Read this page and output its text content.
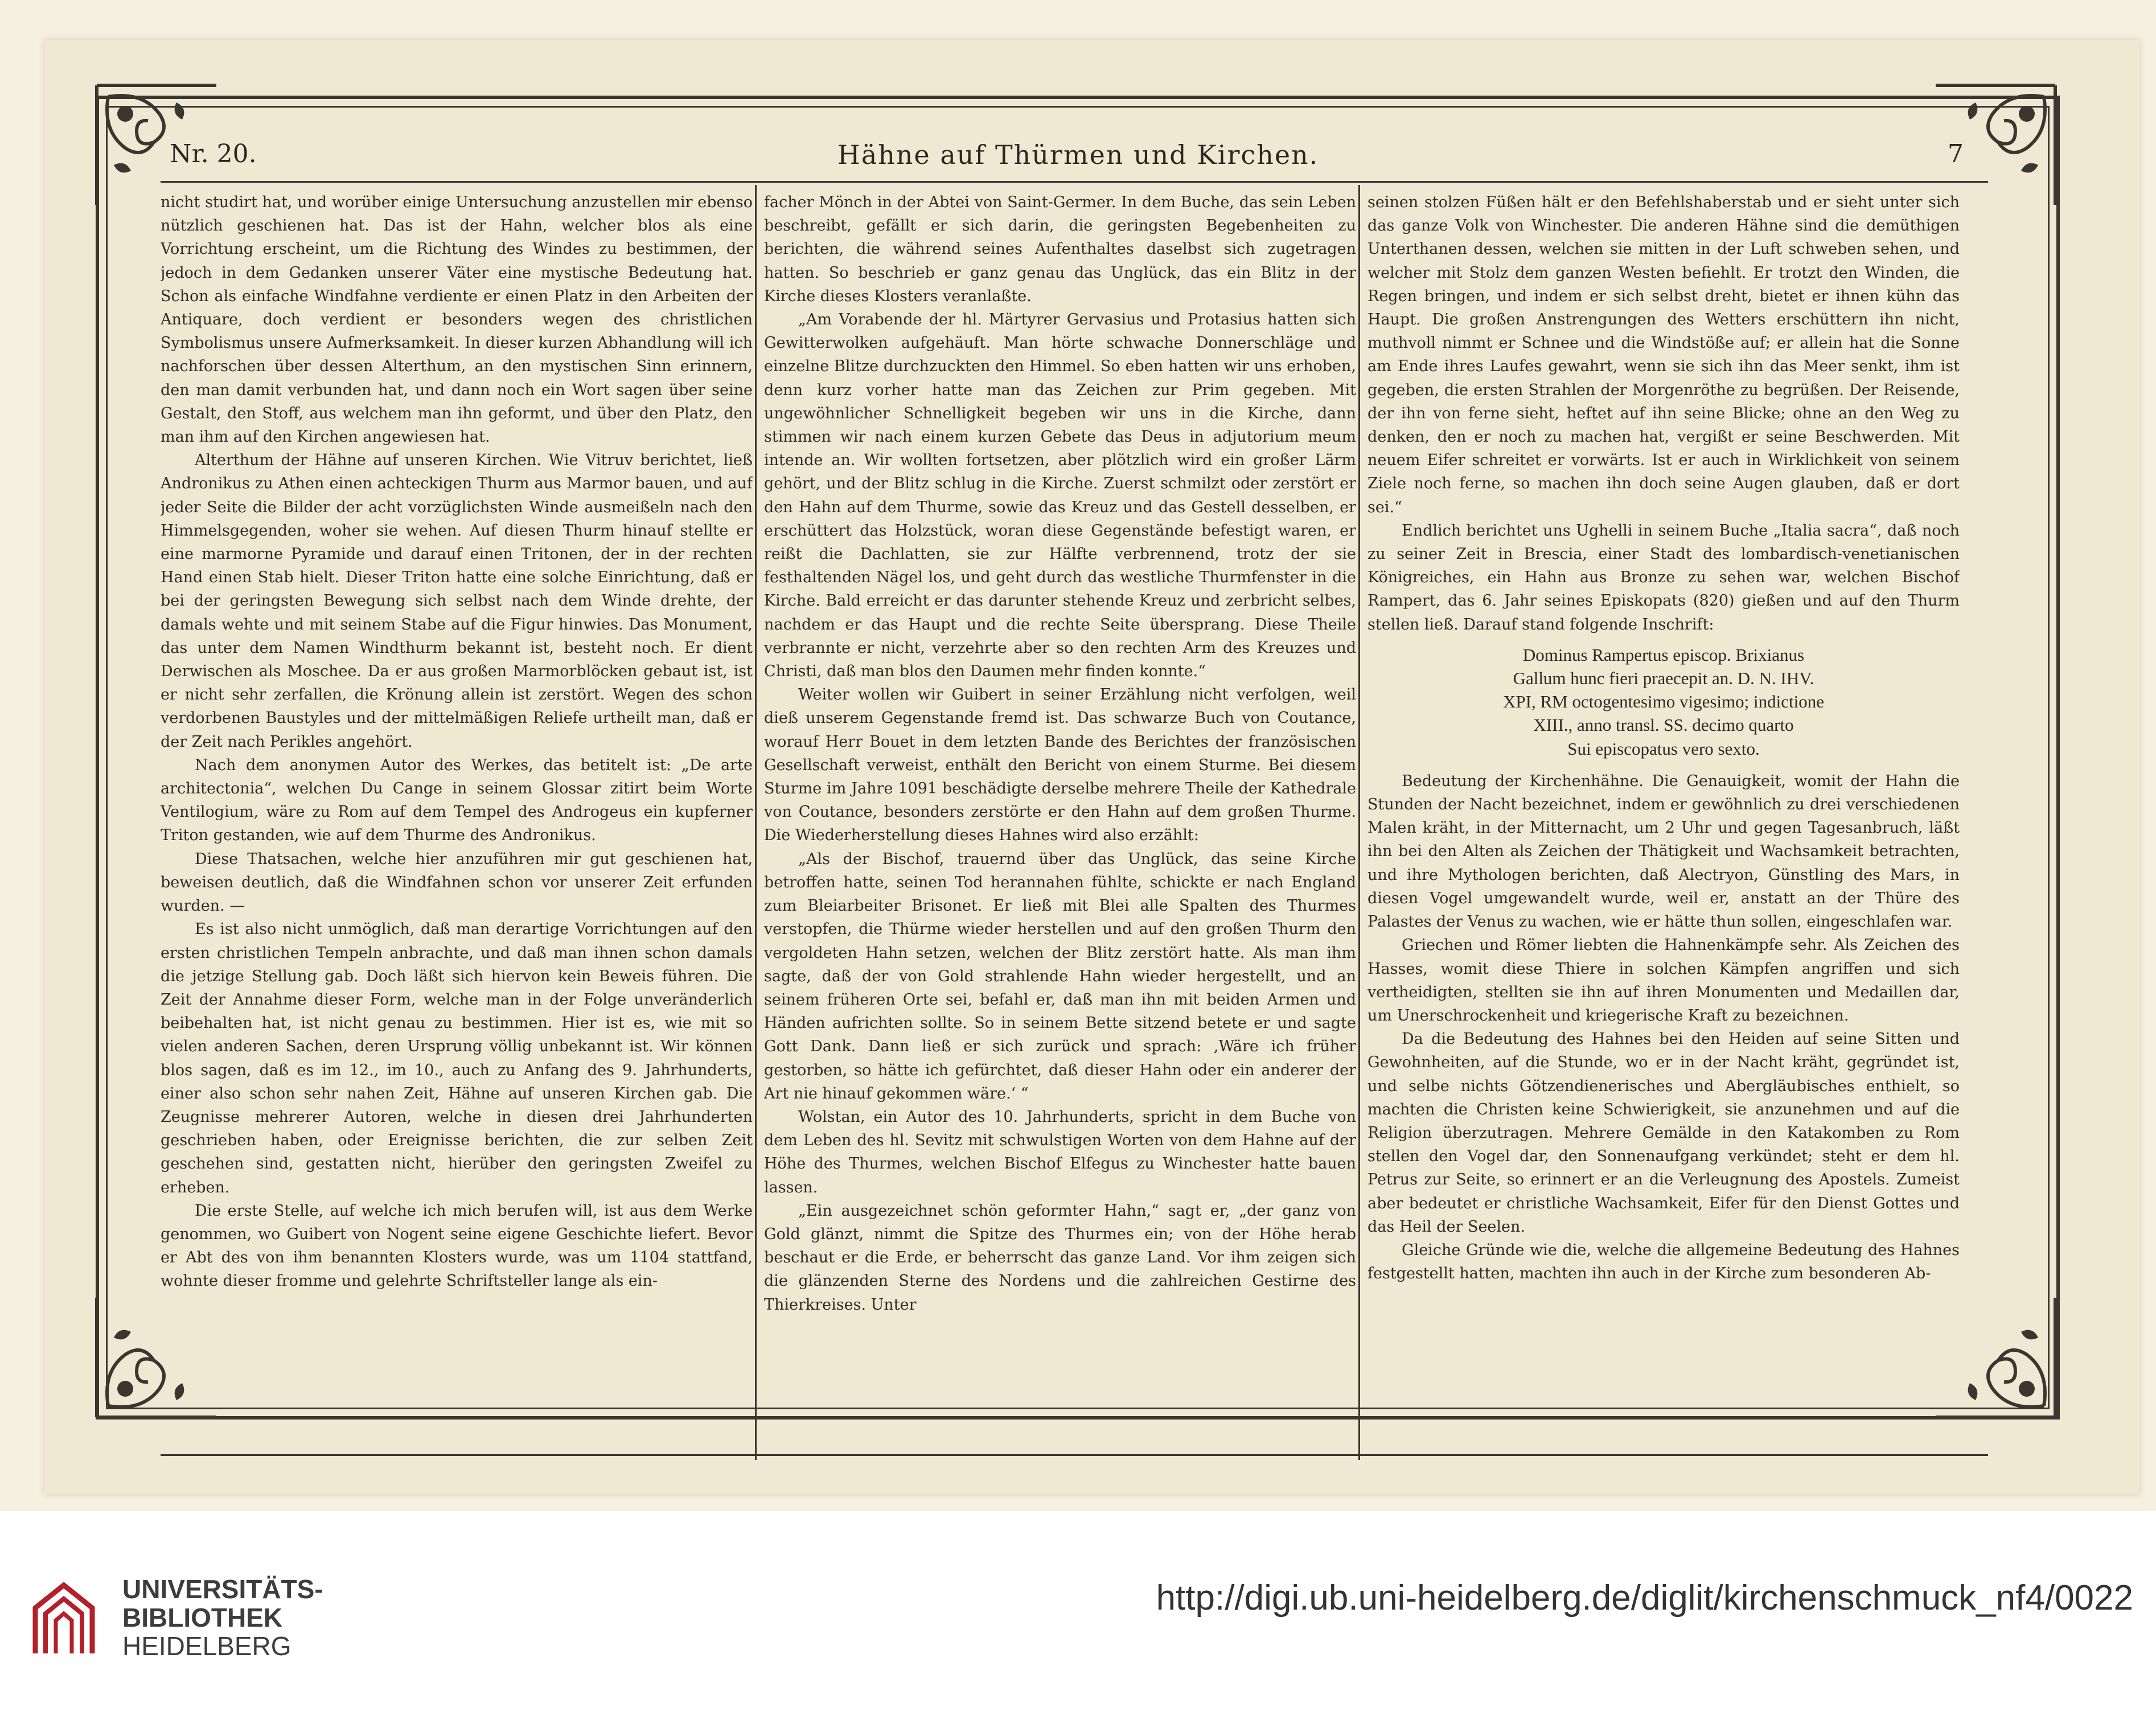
Hähne auf Thürmen und Kirchen.
Nr. 20.	7

nicht studirt hat, und worüber einige Untersuchung anzustellen mir ebenso nützlich geschienen hat. Das ist der Hahn, welcher blos als eine Vorrichtung erscheint, um die Richtung des Windes zu bestimmen, der jedoch in dem Gedanken unserer Väter eine mystische Bedeutung hat. Schon als einfache Windfahne verdiente er einen Platz in den Arbeiten der Antiquare, doch verdient er besonders wegen des christlichen Symbolismus unsere Aufmerksamkeit. In dieser kurzen Abhandlung will ich nachforschen über dessen Alterthum, an den mystischen Sinn erinnern, den man damit verbunden hat, und dann noch ein Wort sagen über seine Gestalt, den Stoff, aus welchem man ihn geformt, und über den Platz, den man ihm auf den Kirchen angewiesen hat.

Alterthum der Hähne auf unseren Kirchen. Wie Vitruv berichtet, ließ Andronikus zu Athen einen achteckigen Thurm aus Marmor bauen, und auf jeder Seite die Bilder der acht vorzüglichsten Winde ausmeißeln nach den Himmelsgegenden, woher sie wehen. Auf diesen Thurm hinauf stellte er eine marmorne Pyramide und darauf einen Tritonen, der in der rechten Hand einen Stab hielt. Dieser Triton hatte eine solche Einrichtung, daß er bei der geringsten Bewegung sich selbst nach dem Winde drehte, der damals wehte und mit seinem Stabe auf die Figur hinwies. Das Monument, das unter dem Namen Windthurm bekannt ist, besteht noch. Er dient Derwischen als Moschee. Da er aus großen Marmorblöcken gebaut ist, ist er nicht sehr zerfallen, die Krönung allein ist zerstört. Wegen des schon verdorbenen Baustyles und der mittelmäßigen Reliefe urtheilt man, daß er der Zeit nach Perikles angehört.

Nach dem anonymen Autor des Werkes, das betitelt ist: „De arte architectonia“, welchen Du Cange in seinem Glossar zitirt beim Worte Ventilogium, wäre zu Rom auf dem Tempel des Androgeus ein kupferner Triton gestanden, wie auf dem Thurme des Andronikus.

Diese Thatsachen, welche hier anzuführen mir gut geschienen hat, beweisen deutlich, daß die Windfahnen schon vor unserer Zeit erfunden wurden. —

Es ist also nicht unmöglich, daß man derartige Vorrichtungen auf den ersten christlichen Tempeln anbrachte, und daß man ihnen schon damals die jetzige Stellung gab. Doch läßt sich hiervon kein Beweis führen. Die Zeit der Annahme dieser Form, welche man in der Folge unveränderlich beibehalten hat, ist nicht genau zu bestimmen. Hier ist es, wie mit so vielen anderen Sachen, deren Ursprung völlig unbekannt ist. Wir können blos sagen, daß es im 12., im 10., auch zu Anfang des 9. Jahrhunderts, einer also schon sehr nahen Zeit, Hähne auf unseren Kirchen gab. Die Zeugnisse mehrerer Autoren, welche in diesen drei Jahrhunderten geschrieben haben, oder Ereignisse berichten, die zur selben Zeit geschehen sind, gestatten nicht, hierüber den geringsten Zweifel zu erheben.

Die erste Stelle, auf welche ich mich berufen will, ist aus dem Werke genommen, wo Guibert von Nogent seine eigene Geschichte liefert. Bevor er Abt des von ihm benannten Klosters wurde, was um 1104 stattfand, wohnte dieser fromme und gelehrte Schriftsteller lange als ein-

facher Mönch in der Abtei von Saint-Germer. In dem Buche, das sein Leben beschreibt, gefällt er sich darin, die geringsten Begebenheiten zu berichten, die während seines Aufenthaltes daselbst sich zugetragen hatten. So beschrieb er ganz genau das Unglück, das ein Blitz in der Kirche dieses Klosters veranlaßte.

„Am Vorabende der hl. Märtyrer Gervasius und Protasius hatten sich Gewitterwolken aufgehäuft. Man hörte schwache Donnerschläge und einzelne Blitze durchzuckten den Himmel. So eben hatten wir uns erhoben, denn kurz vorher hatte man das Zeichen zur Prim gegeben. Mit ungewöhnlicher Schnelligkeit begeben wir uns in die Kirche, dann stimmen wir nach einem kurzen Gebete das Deus in adjutorium meum intende an. Wir wollten fortsetzen, aber plötzlich wird ein großer Lärm gehört, und der Blitz schlug in die Kirche. Zuerst schmilzt oder zerstört er den Hahn auf dem Thurme, sowie das Kreuz und das Gestell desselben, er erschüttert das Holzstück, woran diese Gegenstände befestigt waren, er reißt die Dachlatten, sie zur Hälfte verbrennend, trotz der sie festhaltenden Nägel los, und geht durch das westliche Thurmfenster in die Kirche. Bald erreicht er das darunter stehende Kreuz und zerbricht selbes, nachdem er das Haupt und die rechte Seite übersprang. Diese Theile verbrannte er nicht, verzehrte aber so den rechten Arm des Kreuzes und Christi, daß man blos den Daumen mehr finden konnte.“

Weiter wollen wir Guibert in seiner Erzählung nicht verfolgen, weil dieß unserem Gegenstande fremd ist. Das schwarze Buch von Coutance, worauf Herr Bouet in dem letzten Bande des Berichtes der französischen Gesellschaft verweist, enthält den Bericht von einem Sturme. Bei diesem Sturme im Jahre 1091 beschädigte derselbe mehrere Theile der Kathedrale von Coutance, besonders zerstörte er den Hahn auf dem großen Thurme. Die Wiederherstellung dieses Hahnes wird also erzählt:

„Als der Bischof, trauernd über das Unglück, das seine Kirche betroffen hatte, seinen Tod herannahen fühlte, schickte er nach England zum Bleiarbeiter Brisonet. Er ließ mit Blei alle Spalten des Thurmes verstopfen, die Thürme wieder herstellen und auf den großen Thurm den vergoldeten Hahn setzen, welchen der Blitz zerstört hatte. Als man ihm sagte, daß der von Gold strahlende Hahn wieder hergestellt, und an seinem früheren Orte sei, befahl er, daß man ihn mit beiden Armen und Händen aufrichten sollte. So in seinem Bette sitzend betete er und sagte Gott Dank. Dann ließ er sich zurück und sprach: ,Wäre ich früher gestorben, so hätte ich gefürchtet, daß dieser Hahn oder ein anderer der Art nie hinauf gekommen wäre.‘ “

Wolstan, ein Autor des 10. Jahrhunderts, spricht in dem Buche von dem Leben des hl. Sevitz mit schwulstigen Worten von dem Hahne auf der Höhe des Thurmes, welchen Bischof Elfegus zu Winchester hatte bauen lassen.

„Ein ausgezeichnet schön geformter Hahn,“ sagt er, „der ganz von Gold glänzt, nimmt die Spitze des Thurmes ein; von der Höhe herab beschaut er die Erde, er beherrscht das ganze Land. Vor ihm zeigen sich die glänzenden Sterne des Nordens und die zahlreichen Gestirne des Thierkreises. Unter

seinen stolzen Füßen hält er den Befehlshaberstab und er sieht unter sich das ganze Volk von Winchester. Die anderen Hähne sind die demüthigen Unterthanen dessen, welchen sie mitten in der Luft schweben sehen, und welcher mit Stolz dem ganzen Westen befiehlt. Er trotzt den Winden, die Regen bringen, und indem er sich selbst dreht, bietet er ihnen kühn das Haupt. Die großen Anstrengungen des Wetters erschüttern ihn nicht, muthvoll nimmt er Schnee und die Windstöße auf; er allein hat die Sonne am Ende ihres Laufes gewahrt, wenn sie sich ihn das Meer senkt, ihm ist gegeben, die ersten Strahlen der Morgenröthe zu begrüßen. Der Reisende, der ihn von ferne sieht, heftet auf ihn seine Blicke; ohne an den Weg zu denken, den er noch zu machen hat, vergißt er seine Beschwerden. Mit neuem Eifer schreitet er vorwärts. Ist er auch in Wirklichkeit von seinem Ziele noch ferne, so machen ihn doch seine Augen glauben, daß er dort sei.“

Endlich berichtet uns Ughelli in seinem Buche „Italia sacra“, daß noch zu seiner Zeit in Brescia, einer Stadt des lombardisch-venetianischen Königreiches, ein Hahn aus Bronze zu sehen war, welchen Bischof Rampert, das 6. Jahr seines Episkopats (820) gießen und auf den Thurm stellen ließ. Darauf stand folgende Inschrift:

Dominus Rampertus episcop. Brixianus

Gallum hunc fieri praecepit an. D. N. IHV.

XPI, RM octogentesimo vigesimo; indictione

XIII., anno transl. SS. decimo quarto

Sui episcopatus vero sexto.

Bedeutung der Kirchenhähne. Die Genauigkeit, womit der Hahn die Stunden der Nacht bezeichnet, indem er gewöhnlich zu drei verschiedenen Malen kräht, in der Mitternacht, um 2 Uhr und gegen Tagesanbruch, läßt ihn bei den Alten als Zeichen der Thätigkeit und Wachsamkeit betrachten, und ihre Mythologen berichten, daß Alectryon, Günstling des Mars, in diesen Vogel umgewandelt wurde, weil er, anstatt an der Thüre des Palastes der Venus zu wachen, wie er hätte thun sollen, eingeschlafen war.

Griechen und Römer liebten die Hahnenkämpfe sehr. Als Zeichen des Hasses, womit diese Thiere in solchen Kämpfen angriffen und sich vertheidigten, stellten sie ihn auf ihren Monumenten und Medaillen dar, um Unerschrockenheit und kriegerische Kraft zu bezeichnen.

Da die Bedeutung des Hahnes bei den Heiden auf seine Sitten und Gewohnheiten, auf die Stunde, wo er in der Nacht kräht, gegründet ist, und selbe nichts Götzendienerisches und Abergläubisches enthielt, so machten die Christen keine Schwierigkeit, sie anzunehmen und auf die Religion überzutragen. Mehrere Gemälde in den Katakomben zu Rom stellen den Vogel dar, den Sonnenaufgang verkündet; steht er dem hl. Petrus zur Seite, so erinnert er an die Verleugnung des Apostels. Zumeist aber bedeutet er christliche Wachsamkeit, Eifer für den Dienst Gottes und das Heil der Seelen.

Gleiche Gründe wie die, welche die allgemeine Bedeutung des Hahnes festgestellt hatten, machten ihn auch in der Kirche zum besonderen Ab-

UNIVERSITÄTS-
BIBLIOTHEK
HEIDELBERG
http://digi.ub.uni-heidelberg.de/diglit/kirchenschmuck_nf4/0022
